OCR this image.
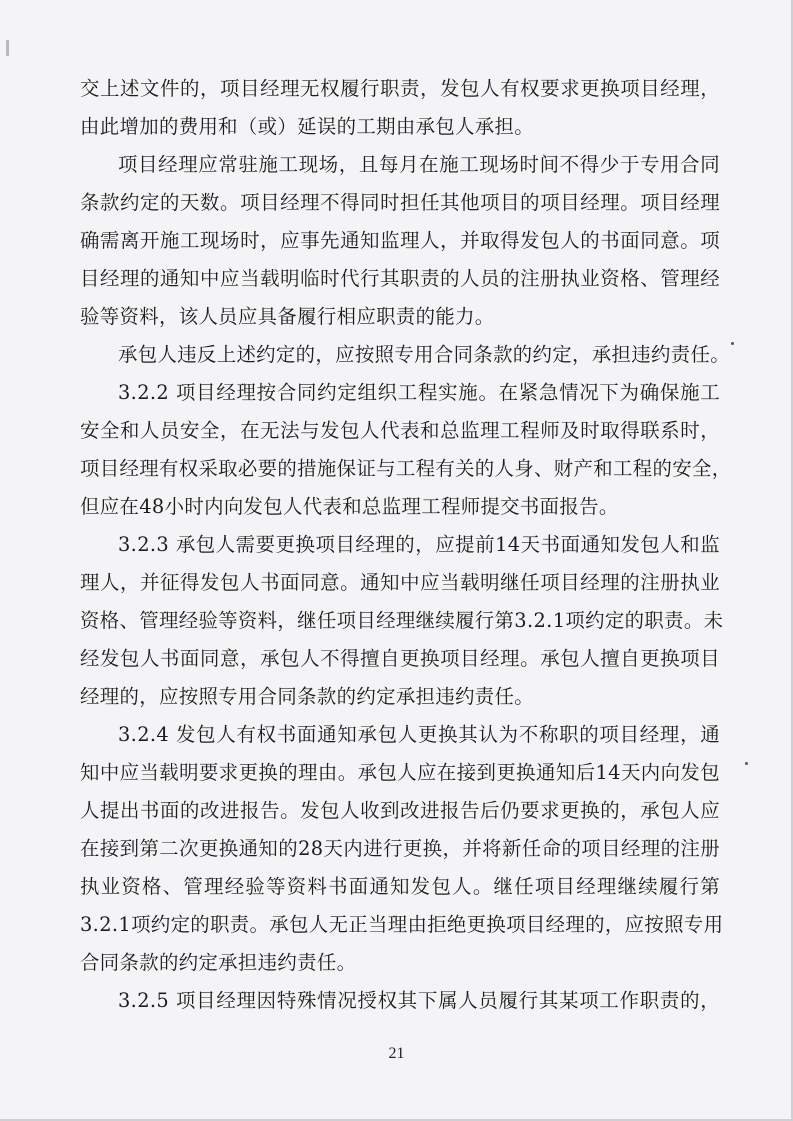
交上述文件的，项目经理无权履行职责，发包人有权要求更换项目经理，
由此增加的费用和（或）延误的工期由承包人承担。
项目经理应常驻施工现场，且每月在施工现场时间不得少于专用合同
条款约定的天数。项目经理不得同时担任其他项目的项目经理。项目经理
确需离开施工现场时，应事先通知监理人，并取得发包人的书面同意。项
目经理的通知中应当载明临时代行其职责的人员的注册执业资格、管理经
验等资料，该人员应具备履行相应职责的能力。
承包人违反上述约定的，应按照专用合同条款的约定，承担违约责任。
3.2.2 项目经理按合同约定组织工程实施。在紧急情况下为确保施工
安全和人员安全，在无法与发包人代表和总监理工程师及时取得联系时，
项目经理有权采取必要的措施保证与工程有关的人身、财产和工程的安全，
但应在48小时内向发包人代表和总监理工程师提交书面报告。
3.2.3 承包人需要更换项目经理的，应提前14天书面通知发包人和监
理人，并征得发包人书面同意。通知中应当载明继任项目经理的注册执业
资格、管理经验等资料，继任项目经理继续履行第3.2.1项约定的职责。未
经发包人书面同意，承包人不得擅自更换项目经理。承包人擅自更换项目
经理的，应按照专用合同条款的约定承担违约责任。
3.2.4 发包人有权书面通知承包人更换其认为不称职的项目经理，通
知中应当载明要求更换的理由。承包人应在接到更换通知后14天内向发包
人提出书面的改进报告。发包人收到改进报告后仍要求更换的，承包人应
在接到第二次更换通知的28天内进行更换，并将新任命的项目经理的注册
执业资格、管理经验等资料书面通知发包人。继任项目经理继续履行第
3.2.1项约定的职责。承包人无正当理由拒绝更换项目经理的，应按照专用
合同条款的约定承担违约责任。
3.2.5 项目经理因特殊情况授权其下属人员履行其某项工作职责的，
21
